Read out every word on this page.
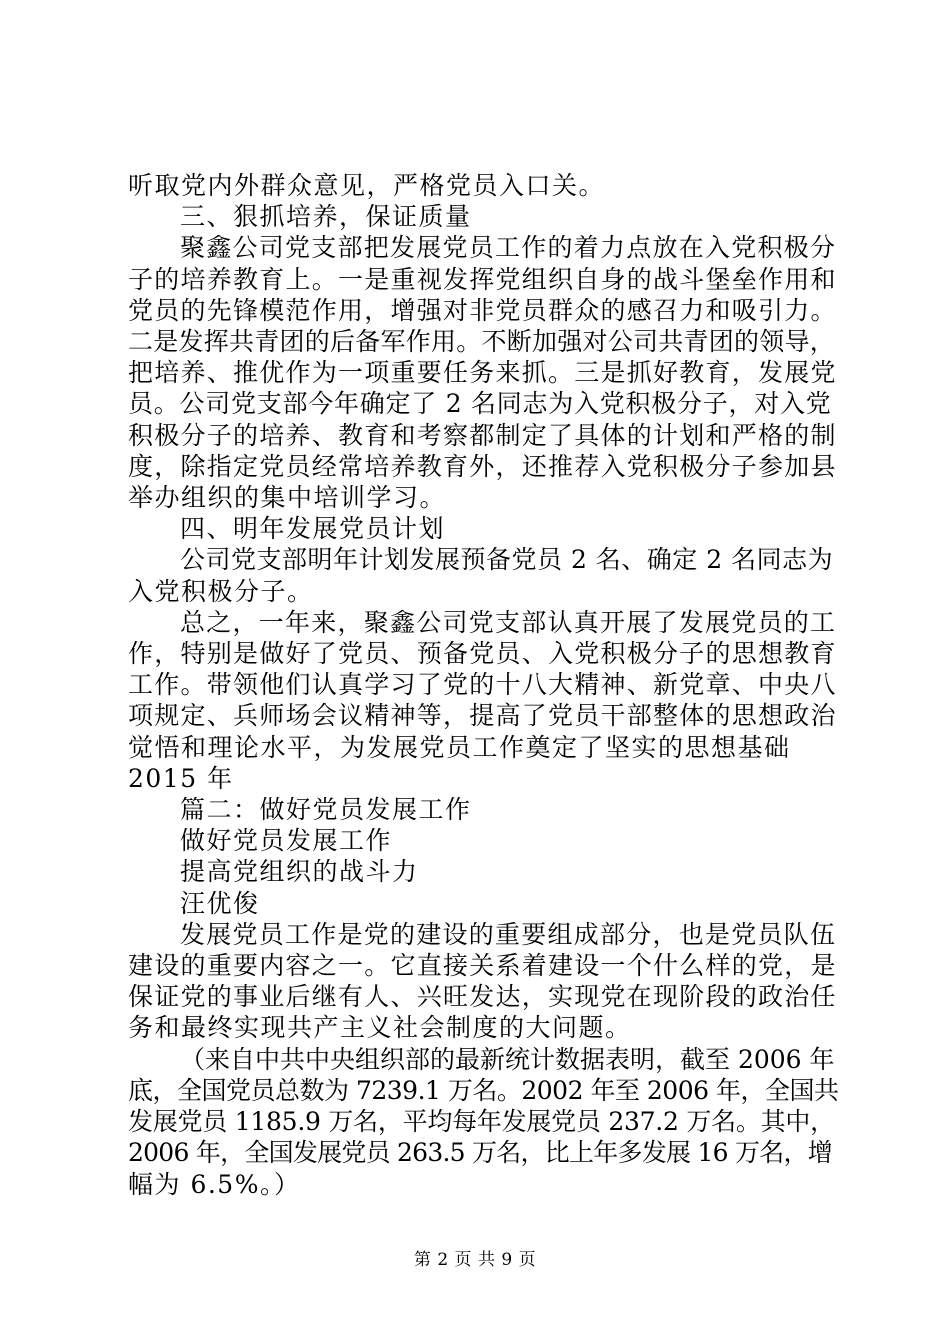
听取党内外群众意见，严格党员入口关。

三、狠抓培养，保证质量

聚鑫公司党支部把发展党员工作的着力点放在入党积极分

子的培养教育上。一是重视发挥党组织自身的战斗堡垒作用和

党员的先锋模范作用，增强对非党员群众的感召力和吸引力。

二是发挥共青团的后备军作用。不断加强对公司共青团的领导，

把培养、推优作为一项重要任务来抓。三是抓好教育，发展党

员。公司党支部今年确定了 2 名同志为入党积极分子，对入党

积极分子的培养、教育和考察都制定了具体的计划和严格的制

度，除指定党员经常培养教育外，还推荐入党积极分子参加县

举办组织的集中培训学习。

四、明年发展党员计划

公司党支部明年计划发展预备党员 2 名、确定 2 名同志为

入党积极分子。

总之，一年来，聚鑫公司党支部认真开展了发展党员的工

作，特别是做好了党员、预备党员、入党积极分子的思想教育

工作。带领他们认真学习了党的十八大精神、新党章、中央八

项规定、兵师场会议精神等，提高了党员干部整体的思想政治

觉悟和理论水平，为发展党员工作奠定了坚实的思想基础

2015 年

篇二：做好党员发展工作

做好党员发展工作

提高党组织的战斗力

汪优俊

发展党员工作是党的建设的重要组成部分，也是党员队伍

建设的重要内容之一。它直接关系着建设一个什么样的党，是

保证党的事业后继有人、兴旺发达，实现党在现阶段的政治任

务和最终实现共产主义社会制度的大问题。

（来自中共中央组织部的最新统计数据表明，截至 2006 年

底，全国党员总数为 7239.1 万名。2002 年至 2006 年，全国共

发展党员 1185.9 万名，平均每年发展党员 237.2 万名。其中，

2006 年，全国发展党员 263.5 万名，比上年多发展 16 万名，增

幅为 6.5%。）

第 2 页 共 9 页
